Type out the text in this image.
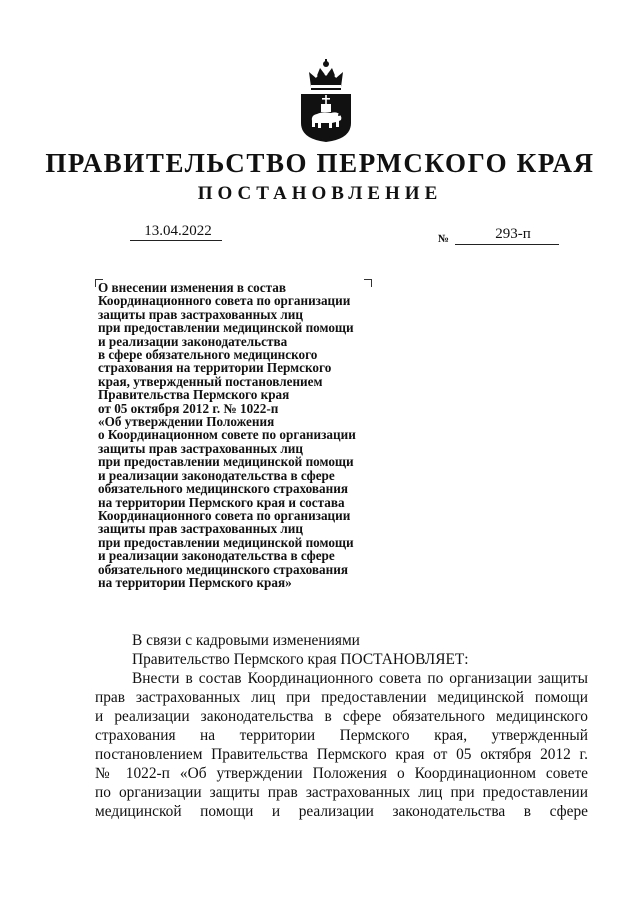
ПРАВИТЕЛЬСТВО ПЕРМСКОГО КРАЯ
ПОСТАНОВЛЕНИЕ
13.04.2022	№	293-п
О внесении изменения в состав
Координационного совета по организации
защиты прав застрахованных лиц
при предоставлении медицинской помощи
и реализации законодательства
в сфере обязательного медицинского
страхования на территории Пермского
края, утвержденный постановлением
Правительства Пермского края
от 05 октября 2012 г. № 1022-п
«Об утверждении Положения
о Координационном совете по организации
защиты прав застрахованных лиц
при предоставлении медицинской помощи
и реализации законодательства в сфере
обязательного медицинского страхования
на территории Пермского края и состава
Координационного совета по организации
защиты прав застрахованных лиц
при предоставлении медицинской помощи
и реализации законодательства в сфере
обязательного медицинского страхования
на территории Пермского края»
В связи с кадровыми изменениями
Правительство Пермского края ПОСТАНОВЛЯЕТ:
Внести в состав Координационного совета по организации защиты
прав застрахованных лиц при предоставлении медицинской помощи
и реализации законодательства в сфере обязательного медицинского
страхования на территории Пермского края, утвержденный
постановлением Правительства Пермского края от 05 октября 2012 г.
№ 1022-п «Об утверждении Положения о Координационном совете
по организации защиты прав застрахованных лиц при предоставлении
медицинской помощи и реализации законодательства в сфере
